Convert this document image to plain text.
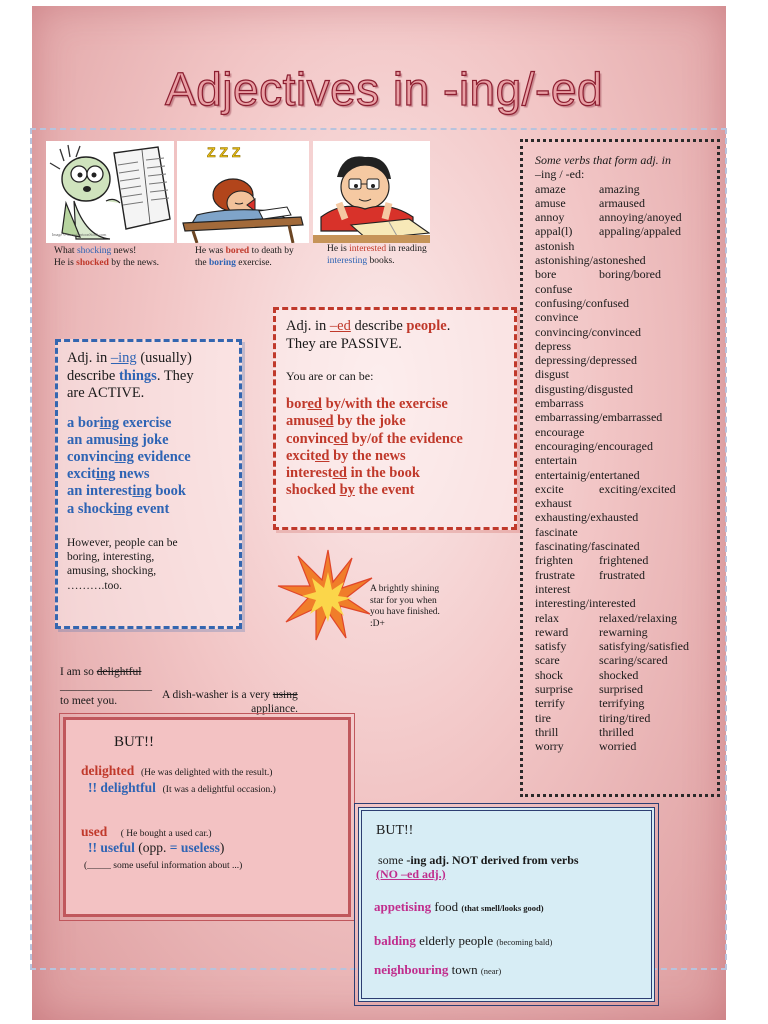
Adjectives in -ing/-ed
Image © www.CartoonStock.com
Z Z Z
What shocking news!
He is shocked by the news.
He was bored to death by
the boring exercise.
He is interested in reading
interesting books.
Some verbs that form adj. in
–ing / -ed:
amaze	amazing
amuse	armaused
annoy	annoying/anoyed
appal(l)	appaling/appaled
astonish
astonishing/astoneshed
bore	boring/bored
confuse
confusing/confused
convince
convincing/convinced
depress
depressing/depressed
disgust
disgusting/disgusted
embarrass
embarrassing/embarrassed
encourage
encouraging/encouraged
entertain
entertainig/entertaned
excite	exciting/excited
exhaust
exhausting/exhausted
fascinate
fascinating/fascinated
frighten	frightened
frustrate	frustrated
interest
interesting/interested
relax	relaxed/relaxing
reward	rewarning
satisfy	satisfying/satisfied
scare	scaring/scared
shock	shocked
surprise	surprised
terrify	terrifying
tire	tiring/tired
thrill	thrilled
worry	worried
Adj. in –ing (usually)
describe things. They
are ACTIVE.
a boring exercise
an amusing joke
convincing evidence
exciting news
an interesting book
a shocking event
However, people can be
boring, interesting,
amusing, shocking,
……….too.
Adj. in –ed describe people.
They are PASSIVE.
You are or can be:
bored by/with the exercise
amused by the joke
convinced by/of the evidence
excited by the news
interested in the book
shocked by the event
A brightly shining
star for you when
you have finished.
:D+
I am so delightful
________________
to meet you.	A dish-washer is a very using
_______________ appliance.
BUT!!
delighted (He was delighted with the result.)
!! delightful (It was a delightful occasion.)
used ( He bought a used car.)
!! useful (opp. = useless)
(_____ some useful information about ...)
BUT!!
some -ing adj. NOT derived from verbs
(NO –ed adj.)
appetising food (that smell/looks good)
balding elderly people (becoming bald)
neighbouring town (near)
